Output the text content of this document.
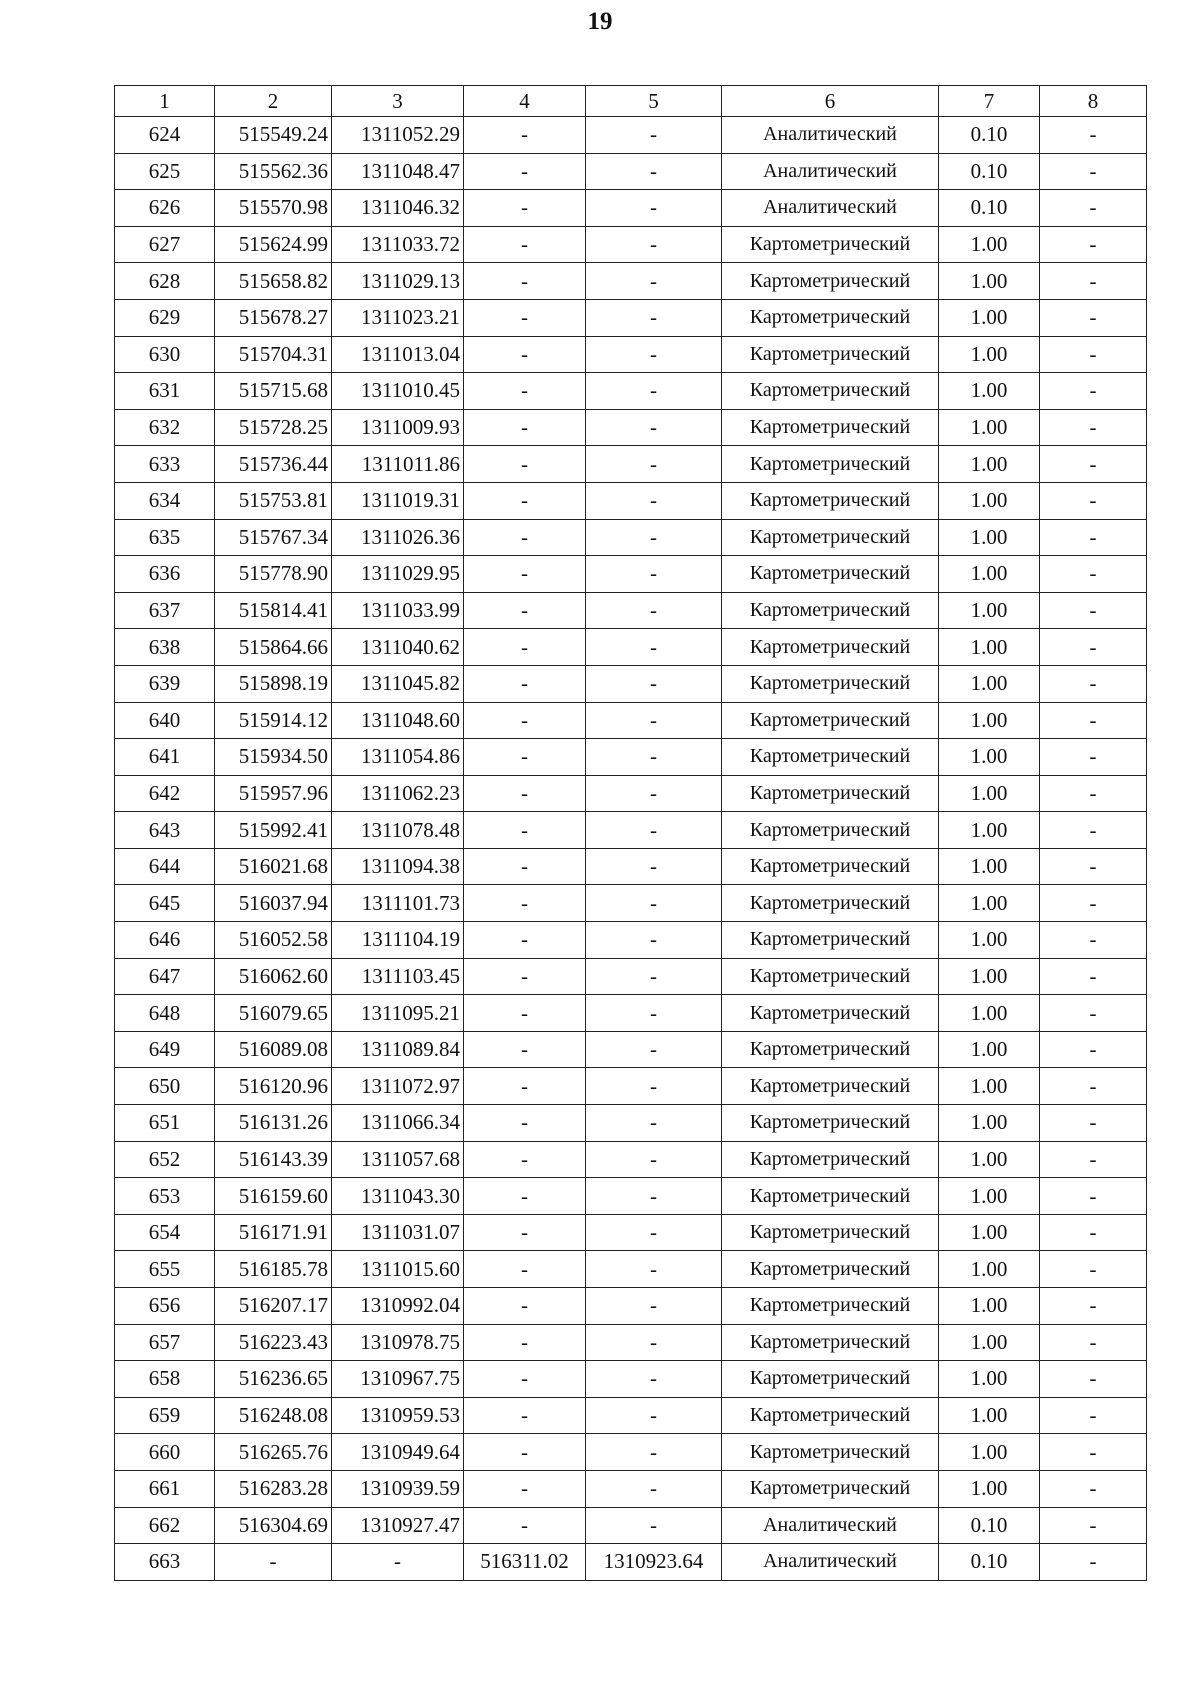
19
1	2	3	4	5	6	7	8
624	515549.24	1311052.29	-	-	Аналитический	0.10	-
625	515562.36	1311048.47	-	-	Аналитический	0.10	-
626	515570.98	1311046.32	-	-	Аналитический	0.10	-
627	515624.99	1311033.72	-	-	Картометрический	1.00	-
628	515658.82	1311029.13	-	-	Картометрический	1.00	-
629	515678.27	1311023.21	-	-	Картометрический	1.00	-
630	515704.31	1311013.04	-	-	Картометрический	1.00	-
631	515715.68	1311010.45	-	-	Картометрический	1.00	-
632	515728.25	1311009.93	-	-	Картометрический	1.00	-
633	515736.44	1311011.86	-	-	Картометрический	1.00	-
634	515753.81	1311019.31	-	-	Картометрический	1.00	-
635	515767.34	1311026.36	-	-	Картометрический	1.00	-
636	515778.90	1311029.95	-	-	Картометрический	1.00	-
637	515814.41	1311033.99	-	-	Картометрический	1.00	-
638	515864.66	1311040.62	-	-	Картометрический	1.00	-
639	515898.19	1311045.82	-	-	Картометрический	1.00	-
640	515914.12	1311048.60	-	-	Картометрический	1.00	-
641	515934.50	1311054.86	-	-	Картометрический	1.00	-
642	515957.96	1311062.23	-	-	Картометрический	1.00	-
643	515992.41	1311078.48	-	-	Картометрический	1.00	-
644	516021.68	1311094.38	-	-	Картометрический	1.00	-
645	516037.94	1311101.73	-	-	Картометрический	1.00	-
646	516052.58	1311104.19	-	-	Картометрический	1.00	-
647	516062.60	1311103.45	-	-	Картометрический	1.00	-
648	516079.65	1311095.21	-	-	Картометрический	1.00	-
649	516089.08	1311089.84	-	-	Картометрический	1.00	-
650	516120.96	1311072.97	-	-	Картометрический	1.00	-
651	516131.26	1311066.34	-	-	Картометрический	1.00	-
652	516143.39	1311057.68	-	-	Картометрический	1.00	-
653	516159.60	1311043.30	-	-	Картометрический	1.00	-
654	516171.91	1311031.07	-	-	Картометрический	1.00	-
655	516185.78	1311015.60	-	-	Картометрический	1.00	-
656	516207.17	1310992.04	-	-	Картометрический	1.00	-
657	516223.43	1310978.75	-	-	Картометрический	1.00	-
658	516236.65	1310967.75	-	-	Картометрический	1.00	-
659	516248.08	1310959.53	-	-	Картометрический	1.00	-
660	516265.76	1310949.64	-	-	Картометрический	1.00	-
661	516283.28	1310939.59	-	-	Картометрический	1.00	-
662	516304.69	1310927.47	-	-	Аналитический	0.10	-
663	-	-	516311.02	1310923.64	Аналитический	0.10	-
